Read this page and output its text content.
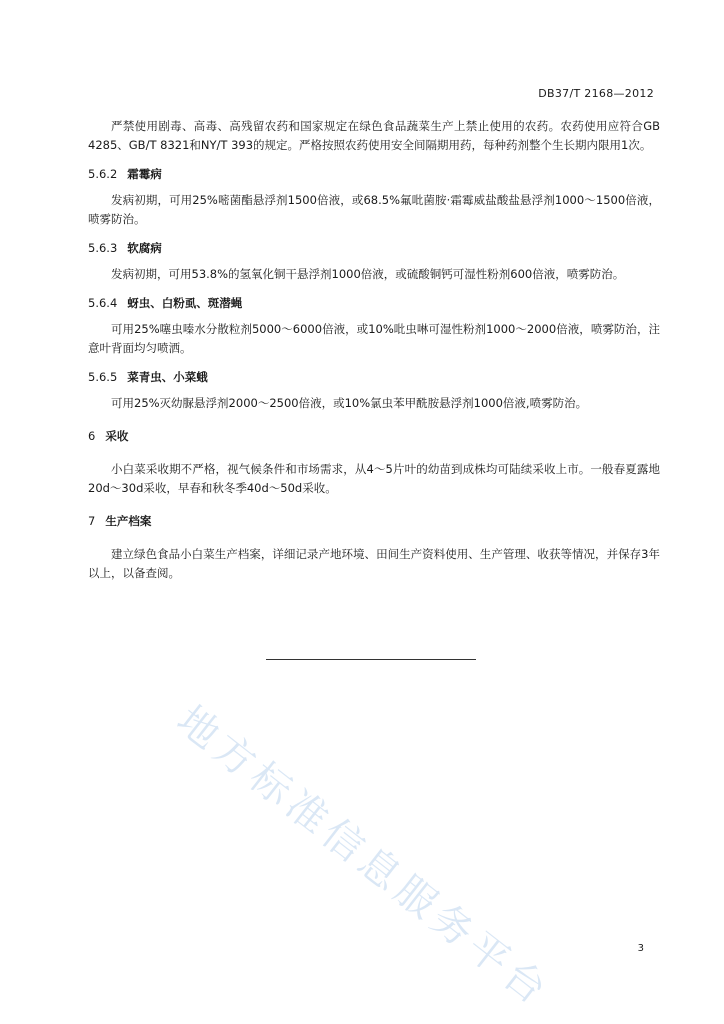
DB37/T 2168—2012

严禁使用剧毒、高毒、高残留农药和国家规定在绿色食品蔬菜生产上禁止使用的农药。农药使用应符合GB 4285、GB/T 8321和NY/T 393的规定。严格按照农药使用安全间隔期用药，每种药剂整个生长期内限用1次。

5.6.2 霜霉病

发病初期，可用25%嘧菌酯悬浮剂1500倍液，或68.5%氟吡菌胺·霜霉威盐酸盐悬浮剂1000～1500倍液，喷雾防治。

5.6.3 软腐病

发病初期，可用53.8%的氢氧化铜干悬浮剂1000倍液，或硫酸铜钙可湿性粉剂600倍液，喷雾防治。

5.6.4 蚜虫、白粉虱、斑潜蝇

可用25%噻虫嗪水分散粒剂5000～6000倍液，或10%吡虫啉可湿性粉剂1000～2000倍液，喷雾防治，注意叶背面均匀喷洒。

5.6.5 菜青虫、小菜蛾

可用25%灭幼脲悬浮剂2000～2500倍液，或10%氯虫苯甲酰胺悬浮剂1000倍液,喷雾防治。

6 采收

小白菜采收期不严格，视气候条件和市场需求，从4～5片叶的幼苗到成株均可陆续采收上市。一般春夏露地20d～30d采收，早春和秋冬季40d～50d采收。

7 生产档案

建立绿色食品小白菜生产档案，详细记录产地环境、田间生产资料使用、生产管理、收获等情况，并保存3年以上，以备查阅。

地方标准信息服务平台	3
